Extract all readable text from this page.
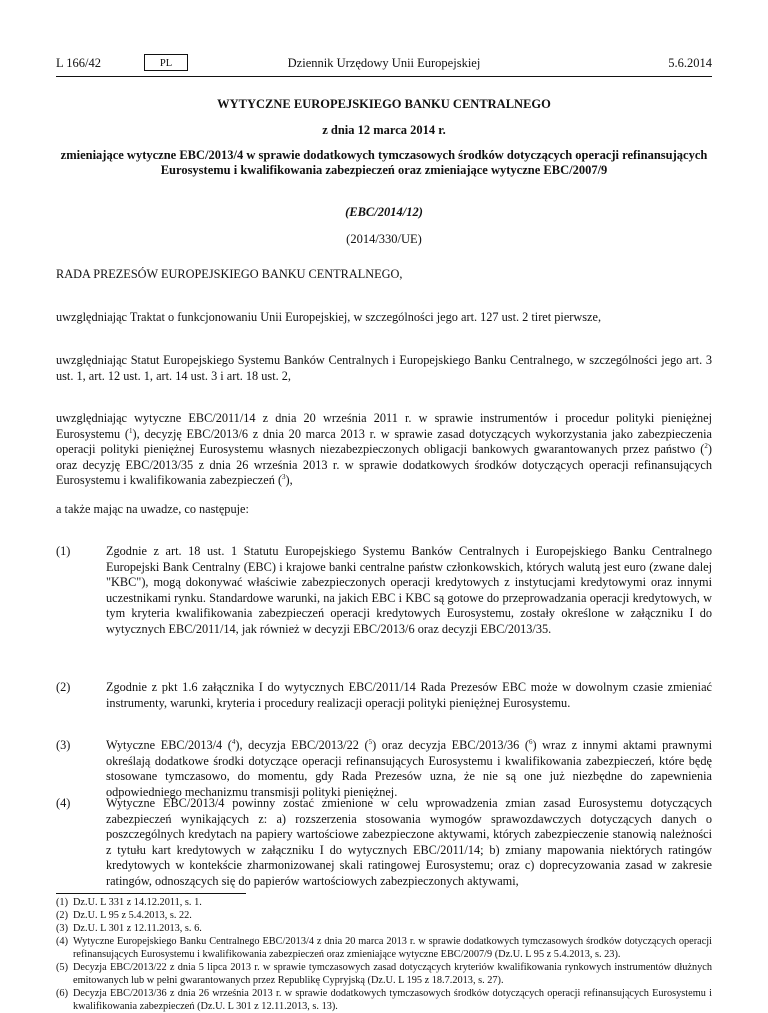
L 166/42	PL	Dziennik Urzędowy Unii Europejskiej	5.6.2014
WYTYCZNE EUROPEJSKIEGO BANKU CENTRALNEGO
z dnia 12 marca 2014 r.
zmieniające wytyczne EBC/2013/4 w sprawie dodatkowych tymczasowych środków dotyczących operacji refinansujących Eurosystemu i kwalifikowania zabezpieczeń oraz zmieniające wytyczne EBC/2007/9
(EBC/2014/12)
(2014/330/UE)
RADA PREZESÓW EUROPEJSKIEGO BANKU CENTRALNEGO,
uwzględniając Traktat o funkcjonowaniu Unii Europejskiej, w szczególności jego art. 127 ust. 2 tiret pierwsze,
uwzględniając Statut Europejskiego Systemu Banków Centralnych i Europejskiego Banku Centralnego, w szczególności jego art. 3 ust. 1, art. 12 ust. 1, art. 14 ust. 3 i art. 18 ust. 2,
uwzględniając wytyczne EBC/2011/14 z dnia 20 września 2011 r. w sprawie instrumentów i procedur polityki pieniężnej Eurosystemu ($^1$), decyzję EBC/2013/6 z dnia 20 marca 2013 r. w sprawie zasad dotyczących wykorzystania jako zabezpieczenia operacji polityki pieniężnej Eurosystemu własnych niezabezpieczonych obligacji bankowych gwarantowanych przez państwo ($^2$) oraz decyzję EBC/2013/35 z dnia 26 września 2013 r. w sprawie dodatkowych środków dotyczących operacji refinansujących Eurosystemu i kwalifikowania zabezpieczeń ($^3$),
a także mając na uwadze, co następuje:
(1)	Zgodnie z art. 18 ust. 1 Statutu Europejskiego Systemu Banków Centralnych i Europejskiego Banku Centralnego Europejski Bank Centralny (EBC) i krajowe banki centralne państw członkowskich, których walutą jest euro (zwane dalej "KBC"), mogą dokonywać właściwie zabezpieczonych operacji kredytowych z instytucjami kredytowymi oraz innymi uczestnikami rynku. Standardowe warunki, na jakich EBC i KBC są gotowe do przeprowadzania operacji kredytowych, w tym kryteria kwalifikowania zabezpieczeń operacji kredytowych Eurosystemu, zostały określone w załączniku I do wytycznych EBC/2011/14, jak również w decyzji EBC/2013/6 oraz decyzji EBC/2013/35.
(2)	Zgodnie z pkt 1.6 załącznika I do wytycznych EBC/2011/14 Rada Prezesów EBC może w dowolnym czasie zmieniać instrumenty, warunki, kryteria i procedury realizacji operacji polityki pieniężnej Eurosystemu.
(3)	Wytyczne EBC/2013/4 ($^4$), decyzja EBC/2013/22 ($^5$) oraz decyzja EBC/2013/36 ($^6$) wraz z innymi aktami prawnymi określają dodatkowe środki dotyczące operacji refinansujących Eurosystemu i kwalifikowania zabezpieczeń, które będę stosowane tymczasowo, do momentu, gdy Rada Prezesów uzna, że nie są one już niezbędne do zapewnienia odpowiedniego mechanizmu transmisji polityki pieniężnej.
(4)	Wytyczne EBC/2013/4 powinny zostać zmienione w celu wprowadzenia zmian zasad Eurosystemu dotyczących zabezpieczeń wynikających z: a) rozszerzenia stosowania wymogów sprawozdawczych dotyczących danych o poszczególnych kredytach na papiery wartościowe zabezpieczone aktywami, których zabezpieczenie stanowią należności z tytułu kart kredytowych w załączniku I do wytycznych EBC/2011/14; b) zmiany mapowania niektórych ratingów kredytowych w kontekście zharmonizowanej skali ratingowej Eurosystemu; oraz c) doprecyzowania zasad w zakresie ratingów, odnoszących się do papierów wartościowych zabezpieczonych aktywami,
(1) Dz.U. L 331 z 14.12.2011, s. 1.
(2) Dz.U. L 95 z 5.4.2013, s. 22.
(3) Dz.U. L 301 z 12.11.2013, s. 6.
(4) Wytyczne Europejskiego Banku Centralnego EBC/2013/4 z dnia 20 marca 2013 r. w sprawie dodatkowych tymczasowych środków dotyczących operacji refinansujących Eurosystemu i kwalifikowania zabezpieczeń oraz zmieniające wytyczne EBC/2007/9 (Dz.U. L 95 z 5.4.2013, s. 23).
(5) Decyzja EBC/2013/22 z dnia 5 lipca 2013 r. w sprawie tymczasowych zasad dotyczących kryteriów kwalifikowania rynkowych instrumentów dłużnych emitowanych lub w pełni gwarantowanych przez Republikę Cypryjską (Dz.U. L 195 z 18.7.2013, s. 27).
(6) Decyzja EBC/2013/36 z dnia 26 września 2013 r. w sprawie dodatkowych tymczasowych środków dotyczących operacji refinansujących Eurosystemu i kwalifikowania zabezpieczeń (Dz.U. L 301 z 12.11.2013, s. 13).
